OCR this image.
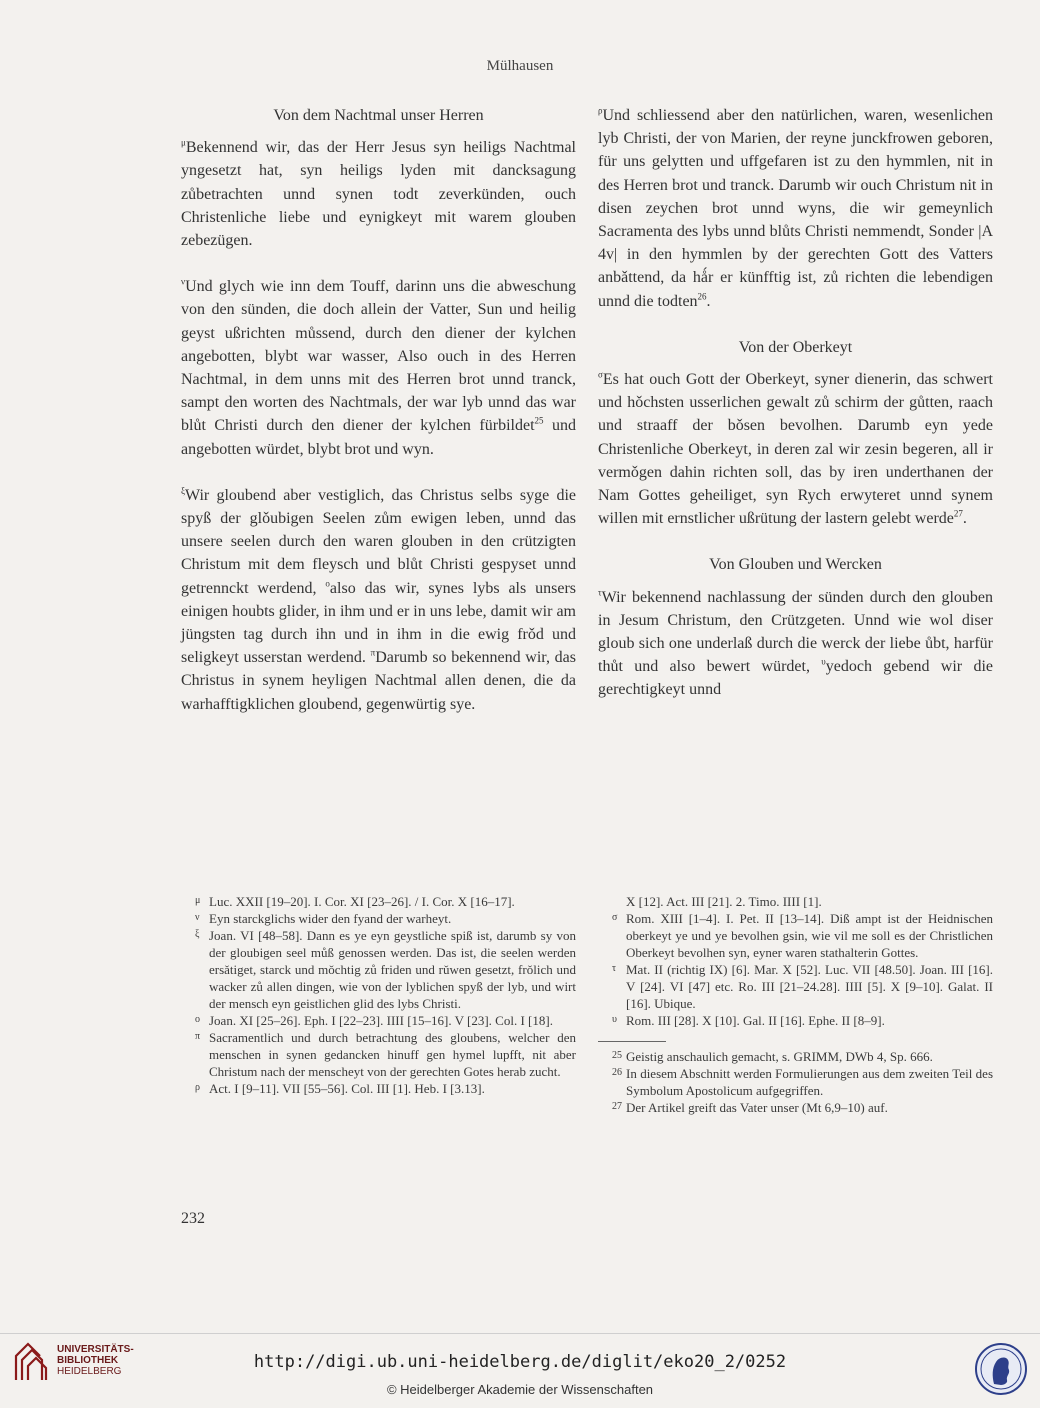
Mülhausen
Von dem Nachtmal unser Herren

$^\mu$Bekennend wir, das der Herr Jesus syn heiligs Nachtmal yngesetzt hat, syn heiligs lyden mit dancksagung zůbetrachten unnd synen todt zeverkünden, ouch Christenliche liebe und eynigkeyt mit warem glouben zebezügen.

$^\nu$Und glych wie inn dem Touff, darinn uns die abweschung von den sünden, die doch allein der Vatter, Sun und heilig geyst ußrichten můssend, durch den diener der kylchen angebotten, blybt war wasser, Also ouch in des Herren Nachtmal, in dem unns mit des Herren brot unnd tranck, sampt den worten des Nachtmals, der war lyb unnd das war blůt Christi durch den diener der kylchen fürbildet$^{25}$ und angebotten würdet, blybt brot und wyn.

$^\xi$Wir gloubend aber vestiglich, das Christus selbs syge die spyß der glǒubigen Seelen zům ewigen leben, unnd das unsere seelen durch den waren glouben in den crützigten Christum mit dem fleysch und blůt Christi gespyset unnd getrennckt werdend, $^o$also das wir, synes lybs als unsers einigen houbts glider, in ihm und er in uns lebe, damit wir am jüngsten tag durch ihn und in ihm in die ewig frǒd und seligkeyt usserstan werdend. $^\pi$Darumb so bekennend wir, das Christus in synem heyligen Nachtmal allen denen, die da warhafftigklichen gloubend, gegenwürtig sye.

$^\rho$Und schliessend aber den natürlichen, waren, wesenlichen lyb Christi, der von Marien, der reyne junckfrowen geboren, für uns gelytten und uffgefaren ist zu den hymmlen, nit in des Herren brot und tranck. Darumb wir ouch Christum nit in disen zeychen brot unnd wyns, die wir gemeynlich Sacramenta des lybs unnd blůts Christi nemmendt, Sonder |A 4v| in den hymmlen by der gerechten Gott des Vatters anbǎttend, da hǻr er künfftig ist, zů richten die lebendigen unnd die todten$^{26}$.

Von der Oberkeyt

$^\sigma$Es hat ouch Gott der Oberkeyt, syner dienerin, das schwert und hǒchsten usserlichen gewalt zů schirm der gůtten, raach und straaff der bǒsen bevolhen. Darumb eyn yede Christenliche Oberkeyt, in deren zal wir zesin begeren, all ir vermǒgen dahin richten soll, das by iren underthanen der Nam Gottes geheiliget, syn Rych erwyteret unnd synem willen mit ernstlicher ußrütung der lastern gelebt werde$^{27}$.

Von Glouben und Wercken

$^\tau$Wir bekennend nachlassung der sünden durch den glouben in Jesum Christum, den Crützgeten. Unnd wie wol diser gloub sich one underlaß durch die werck der liebe ůbt, harfür thůt und also bewert würdet, $^\upsilon$yedoch gebend wir die gerechtigkeyt unnd

μ Luc. XXII [19–20]. I. Cor. XI [23–26]. / I. Cor. X [16–17].

ν Eyn starckglichs wider den fyand der warheyt.

ξ Joan. VI [48–58]. Dann es ye eyn geystliche spiß ist, darumb sy von der gloubigen seel můß genossen werden. Das ist, die seelen werden ersǎtiget, starck und mǒchtig zů friden und rǔwen gesetzt, frǒlich und wacker zů allen dingen, wie von der lyblichen spyß der lyb, und wirt der mensch eyn geistlichen glid des lybs Christi.

ο Joan. XI [25–26]. Eph. I [22–23]. IIII [15–16]. V [23]. Col. I [18].

π Sacramentlich und durch betrachtung des gloubens, welcher den menschen in synen gedancken hinuff gen hymel lupfft, nit aber Christum nach der menscheyt von der gerechten Gotes herab zucht.

ρ Act. I [9–11]. VII [55–56]. Col. III [1]. Heb. I [3.13].

X [12]. Act. III [21]. 2. Timo. IIII [1].

σ Rom. XIII [1–4]. I. Pet. II [13–14]. Diß ampt ist der Heidnischen oberkeyt ye und ye bevolhen gsin, wie vil me soll es der Christlichen Oberkeyt bevolhen syn, eyner waren stathalterin Gottes.

τ Mat. II (richtig IX) [6]. Mar. X [52]. Luc. VII [48.50]. Joan. III [16]. V [24]. VI [47] etc. Ro. III [21–24.28]. IIII [5]. X [9–10]. Galat. II [16]. Ubique.

υ Rom. III [28]. X [10]. Gal. II [16]. Ephe. II [8–9].

25 Geistig anschaulich gemacht, s. GRIMM, DWb 4, Sp. 666.

26 In diesem Abschnitt werden Formulierungen aus dem zweiten Teil des Symbolum Apostolicum aufgegriffen.

27 Der Artikel greift das Vater unser (Mt 6,9–10) auf.

232
UNIVERSITÄTS-
BIBLIOTHEK
HEIDELBERG	http://digi.ub.uni-heidelberg.de/diglit/eko20_2/0252
© Heidelberger Akademie der Wissenschaften
